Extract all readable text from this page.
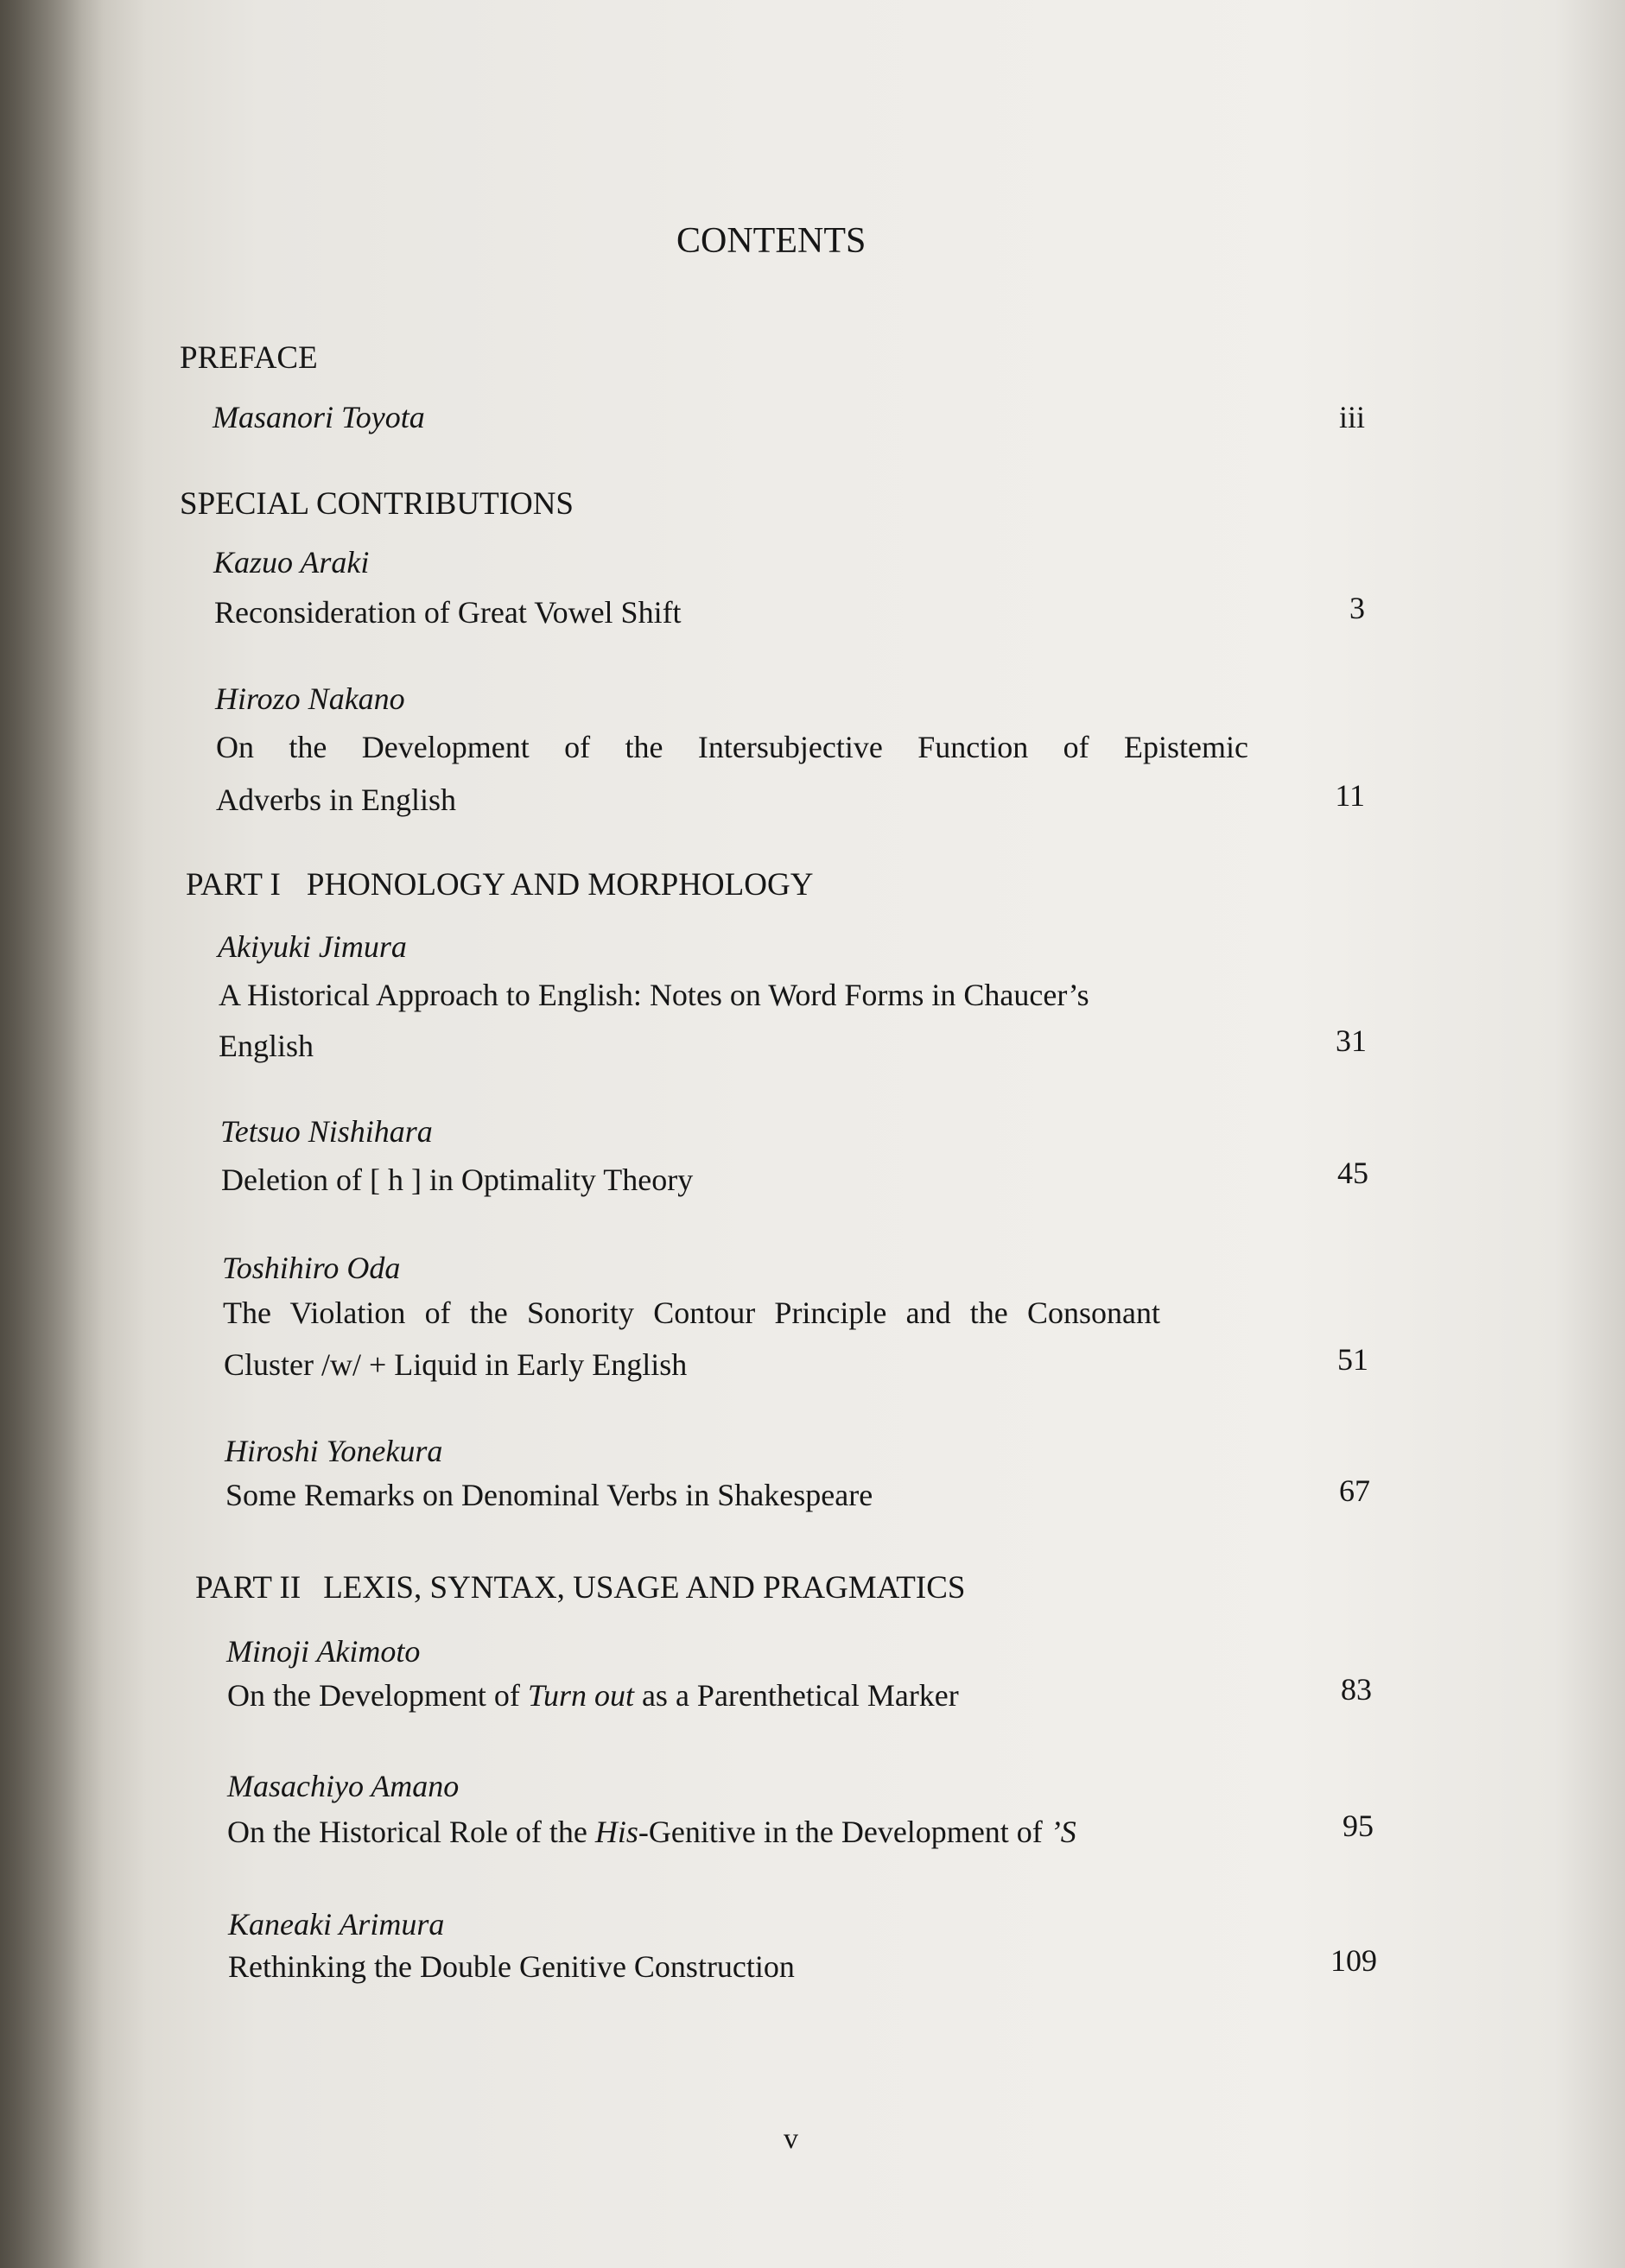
CONTENTS
PREFACE
Masanori Toyota	iii
SPECIAL CONTRIBUTIONS
Kazuo Araki
Reconsideration of Great Vowel Shift	3
Hirozo Nakano
On the Development of the Intersubjective Function of Epistemic
Adverbs in English	11
PART I PHONOLOGY AND MORPHOLOGY
Akiyuki Jimura
A Historical Approach to English: Notes on Word Forms in Chaucer’s
English	31
Tetsuo Nishihara
Deletion of [ h ] in Optimality Theory	45
Toshihiro Oda
The Violation of the Sonority Contour Principle and the Consonant
Cluster /w/ + Liquid in Early English	51
Hiroshi Yonekura
Some Remarks on Denominal Verbs in Shakespeare	67
PART II LEXIS, SYNTAX, USAGE AND PRAGMATICS
Minoji Akimoto
On the Development of Turn out as a Parenthetical Marker	83
Masachiyo Amano
On the Historical Role of the His-Genitive in the Development of ’S	95
Kaneaki Arimura
Rethinking the Double Genitive Construction	109
v
